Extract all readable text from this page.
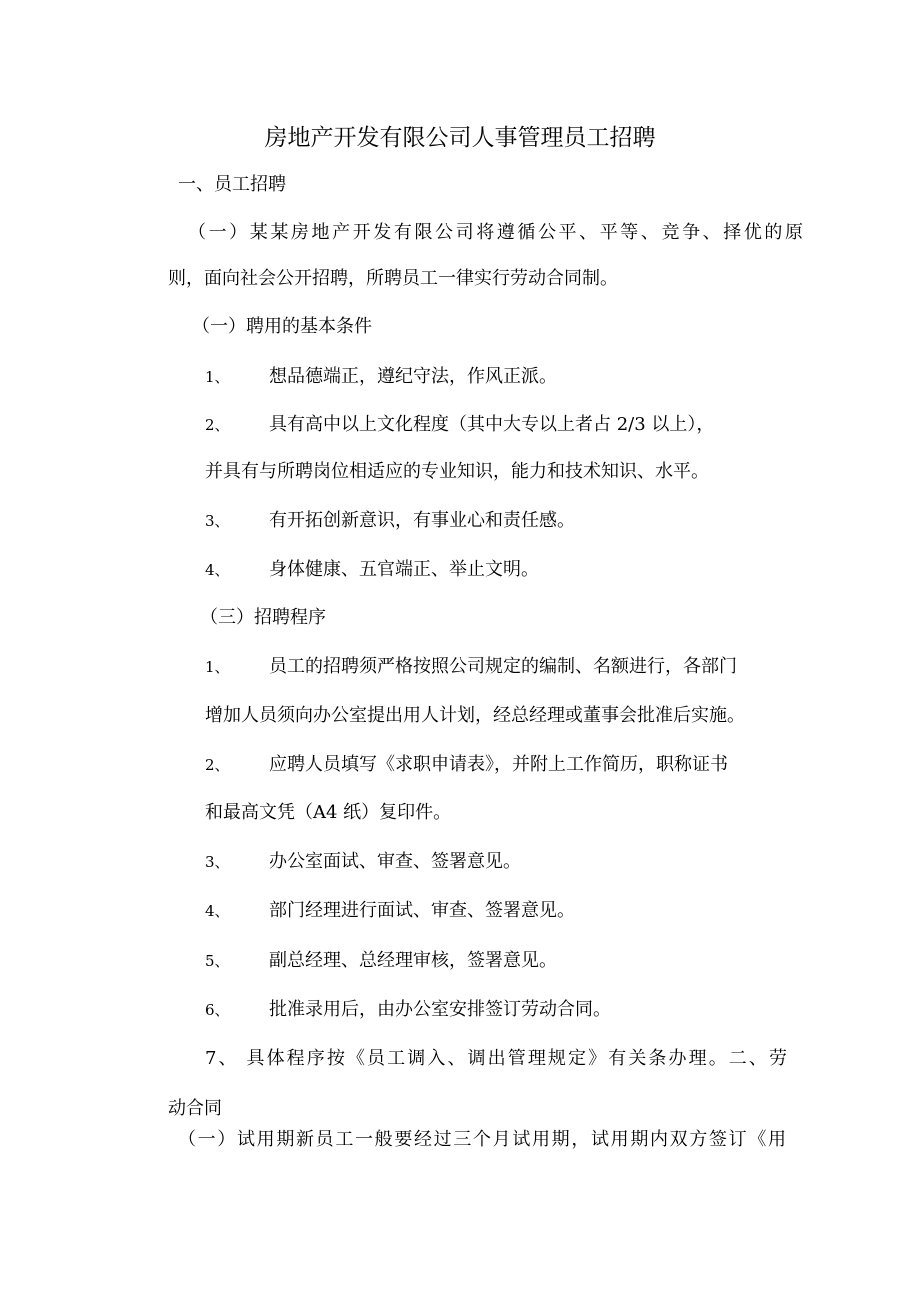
房地产开发有限公司人事管理员工招聘
一、员工招聘
（一）某某房地产开发有限公司将遵循公平、平等、竞争、择优的原
则，面向社会公开招聘，所聘员工一律实行劳动合同制。
（一）聘用的基本条件
1、 想品德端正，遵纪守法，作风正派。
2、 具有高中以上文化程度（其中大专以上者占 2/3 以上），
并具有与所聘岗位相适应的专业知识，能力和技术知识、水平。
3、 有开拓创新意识，有事业心和责任感。
4、 身体健康、五官端正、举止文明。
（三）招聘程序
1、 员工的招聘须严格按照公司规定的编制、名额进行，各部门
增加人员须向办公室提出用人计划，经总经理或董事会批准后实施。
2、 应聘人员填写《求职申请表》，并附上工作简历，职称证书
和最高文凭（A4 纸）复印件。
3、 办公室面试、审查、签署意见。
4、 部门经理进行面试、审查、签署意见。
5、 副总经理、总经理审核，签署意见。
6、 批准录用后，由办公室安排签订劳动合同。
7、 具体程序按《员工调入、调出管理规定》有关条办理。二、劳
动合同
（一）试用期新员工一般要经过三个月试用期，试用期内双方签订《用
